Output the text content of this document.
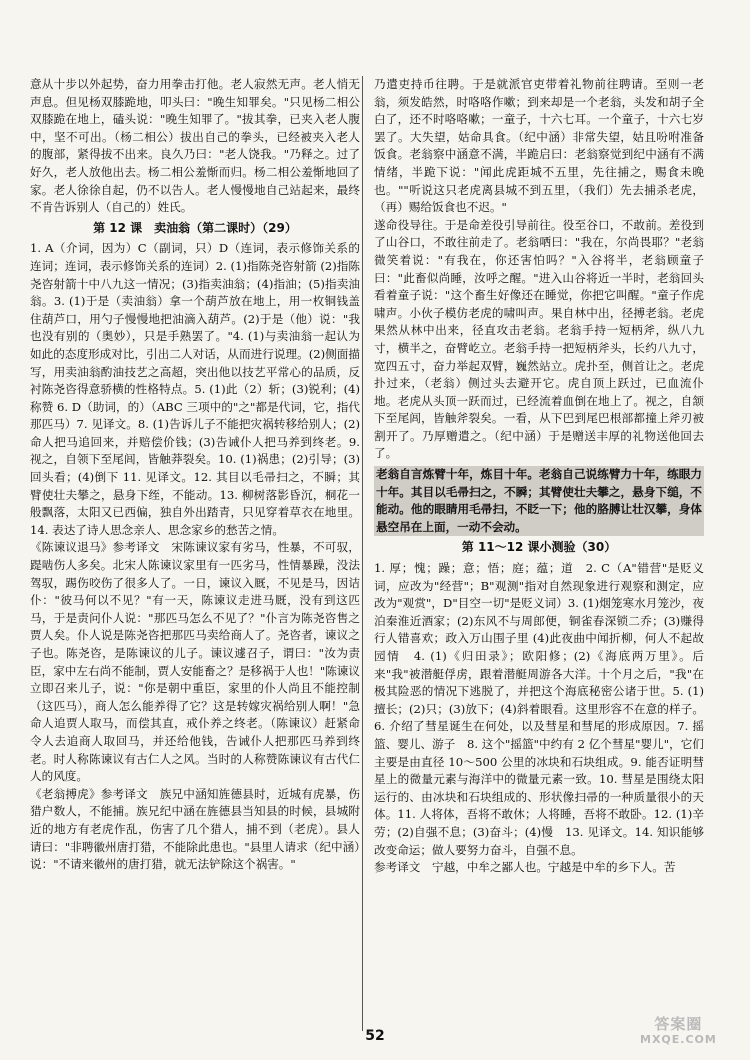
意从十步以外起势，奋力用拳击打他。老人寂然无声。老人悄无声息。但见杨双膝跪地，叩头曰："晚生知罪矣。"只见杨二相公双膝跪在地上，磕头说："晚生知罪了。"拔其拳，已夹入老人腹中，坚不可出。（杨二相公）拔出自己的拳头，已经被夹入老人的腹部，紧得拔不出来。良久乃曰："老人饶我。"乃释之。过了好久，老人放他出去。杨二相公羞惭而归。杨二相公羞惭地回了家。老人徐徐自起，仍不以告人。老人慢慢地自己站起来，最终不肯告诉别人（自己的）姓氏。

第 12 课　卖油翁（第二课时）（29）

1. A（介词，因为）C（副词，只）D（连词，表示修饰关系的连词；连词，表示修饰关系的连词）2. (1)指陈尧咨射箭 (2)指陈尧咨射箭十中八九这一情况；(3)指卖油翁；(4)指油；(5)指卖油翁。3. (1)于是（卖油翁）拿一个葫芦放在地上，用一枚铜钱盖住葫芦口，用勺子慢慢地把油滴入葫芦。(2)于是（他）说："我也没有别的（奥妙），只是手熟罢了。"4. (1)与卖油翁一起认为如此的态度形成对比，引出二人对话，从而进行说理。(2)侧面描写，用卖油翁酌油技艺之高超，突出他以技艺平常心的品质，反衬陈尧咨得意骄横的性格特点。5. (1)此（2）斩；(3)锐利；(4)称赞 6. D（助词，的）（ABC 三项中的"之"都是代词，它，指代那匹马）7. 见译文。8. (1)告诉儿子不能把灾祸转移给别人；(2)命人把马追回来，并赔偿价钱；(3)告诫仆人把马养到终老。9. 视之，自领下至尾闾，皆触莽裂矣。10. (1)祸患；(2)引导；(3)回头看；(4)倒下 11. 见译文。12. 其目以毛帚扫之，不瞬；其臂使壮夫攀之，悬身下绖，不能动。13. 柳树落影昏沉，桐花一般飘落，太阳又已西偏，独自外出踏青，只见穿着草衣在地里。14. 表达了诗人思念亲人、思念家乡的愁苦之情。

《陈谏议退马》参考译文　宋陈谏议家有劣马，性暴，不可驭，踶啮伤人多矣。北宋人陈谏议家里有一匹劣马，性情暴躁，没法驾驭，踢伤咬伤了很多人了。一日，谏议入厩，不见是马，因诘仆："彼马何以不见？"有一天，陈谏议走进马厩，没有到这匹马，于是责问仆人说："那匹马怎么不见了？"仆言为陈尧咨售之贾人矣。仆人说是陈尧咨把那匹马卖给商人了。尧咨者，谏议之子也。陈尧咨，是陈谏议的儿子。谏议遽召子，谓曰："汝为责臣，家中左右尚不能制，贾人安能畜之？是移祸于人也！"陈谏议立即召来儿子，说："你是朝中重臣，家里的仆人尚且不能控制（这匹马），商人怎么能养得了它？这是转嫁灾祸给别人啊！"急命人追贾人取马，而偿其直，戒仆养之终老。（陈谏议）赶紧命令人去追商人取回马，并还给他钱，告诫仆人把那匹马养到终老。时人称陈谏议有古仁人之风。当时的人称赞陈谏议有古代仁人的风度。

《老翁搏虎》参考译文　族兄中涵知旌德县时，近城有虎暴，伤猎户数人，不能捕。族兄纪中涵在旌德县当知县的时候，县城附近的地方有老虎作乱，伤害了几个猎人，捕不到（老虎）。县人请曰："非聘徽州唐打猎，不能除此患也。"县里人请求（纪中涵）说："不请来徽州的唐打猎，就无法铲除这个祸害。"

乃遣吏持币往聘。于是就派官吏带着礼物前往聘请。至则一老翁，须发皓然，时咯咯作嗽；到来却是一个老翁，头发和胡子全白了，还不时咯咯嗽；一童子，十六七耳。一个童子，十六七岁罢了。大失望，姑命具食。（纪中涵）非常失望，姑且吩咐准备饭食。老翁察中涵意不满，半跪启曰：老翁察觉到纪中涵有不满情绪，半跪下说："闻此虎距城不五里，先往捕之，赐食未晚也。""听说这只老虎离县城不到五里，（我们）先去捕杀老虎，（再）赐给饭食也不迟。"

遂命役导往。于是命差役引导前往。役至谷口，不敢前。差役到了山谷口，不敢往前走了。老翁哂曰："我在，尔尚畏耶？"老翁微笑着说："有我在，你还害怕吗？"入谷将半，老翁顾童子曰："此畜似尚睡，汝呼之醒。"进入山谷将近一半时，老翁回头看着童子说："这个畜生好像还在睡觉，你把它叫醒。"童子作虎啸声。小伙子模仿老虎的啸叫声。果自林中出，径搏老翁。老虎果然从林中出来，径直攻击老翁。老翁手持一短柄斧，纵八九寸，横半之，奋臂屹立。老翁手持一把短柄斧头，长约八九寸，宽四五寸，奋力举起双臂，巍然站立。虎扑至，侧首让之。老虎扑过来，（老翁）侧过头去避开它。虎自顶上跃过，已血流仆地。老虎从头顶一跃而过，已经流着血倒在地上了。视之，自颔下至尾闾，皆触斧裂矣。一看，从下巴到尾巴根部都撞上斧刃被割开了。乃厚赠遣之。（纪中涵）于是赠送丰厚的礼物送他回去了。

老翁自言炼臂十年，炼目十年。老翁自己说练臂力十年，练眼力十年。其目以毛帚扫之，不瞬；其臂使壮夫攀之，悬身下缒，不能动。他的眼睛用毛帚扫，不眨一下；他的胳膊让壮汉攀，身体悬空吊在上面，一动不会动。

第 11～12 课小测验（30）

1. 厚；愧；躁；意；悟；庭；蕴；道　2. C（A"错营"是贬义词，应改为"经营"；B"观测"指对自然现象进行观察和测定，应改为"观赏"，D"目空一切"是贬义词）3. (1)烟笼寒水月笼沙，夜泊秦淮近酒家；(2)东风不与周郎便，铜雀春深锁二乔；(3)赚得行人错喜欢；政入万山围子里 (4)此夜曲中闻折柳，何人不起故园情　4. (1)《归田录》；欧阳修；(2)《海底两万里》。后来"我"被潜艇俘虏，跟着潜艇周游各大洋。十个月之后，"我"在极其险恶的情况下逃脱了，并把这个海底秘密公诸于世。5. (1)擅长；(2)只；(3)放下；(4)斜着眼看。这里形容不在意的样子。6. 介绍了彗星诞生在何处，以及彗星和彗尾的形成原因。7. 摇篮、婴儿、游子　8. 这个"摇篮"中约有 2 亿个彗星"婴儿"，它们主要是由直径 10～500 公里的冰块和石块组成。9. 能否证明彗星上的微量元素与海洋中的微量元素一致。10. 彗星是围绕太阳运行的、由冰块和石块组成的、形状像扫帚的一种质量很小的天体。11. 人将体，吾将不敢休；人将睡，吾将不敢卧。12. (1)辛劳；(2)自强不息；(3)奋斗；(4)慢　13. 见译文。14. 知识能够改变命运；做人要努力奋斗，自强不息。

参考译文　宁越，中牟之鄙人也。宁越是中牟的乡下人。苦

52
答案圈
MXQE.COM
